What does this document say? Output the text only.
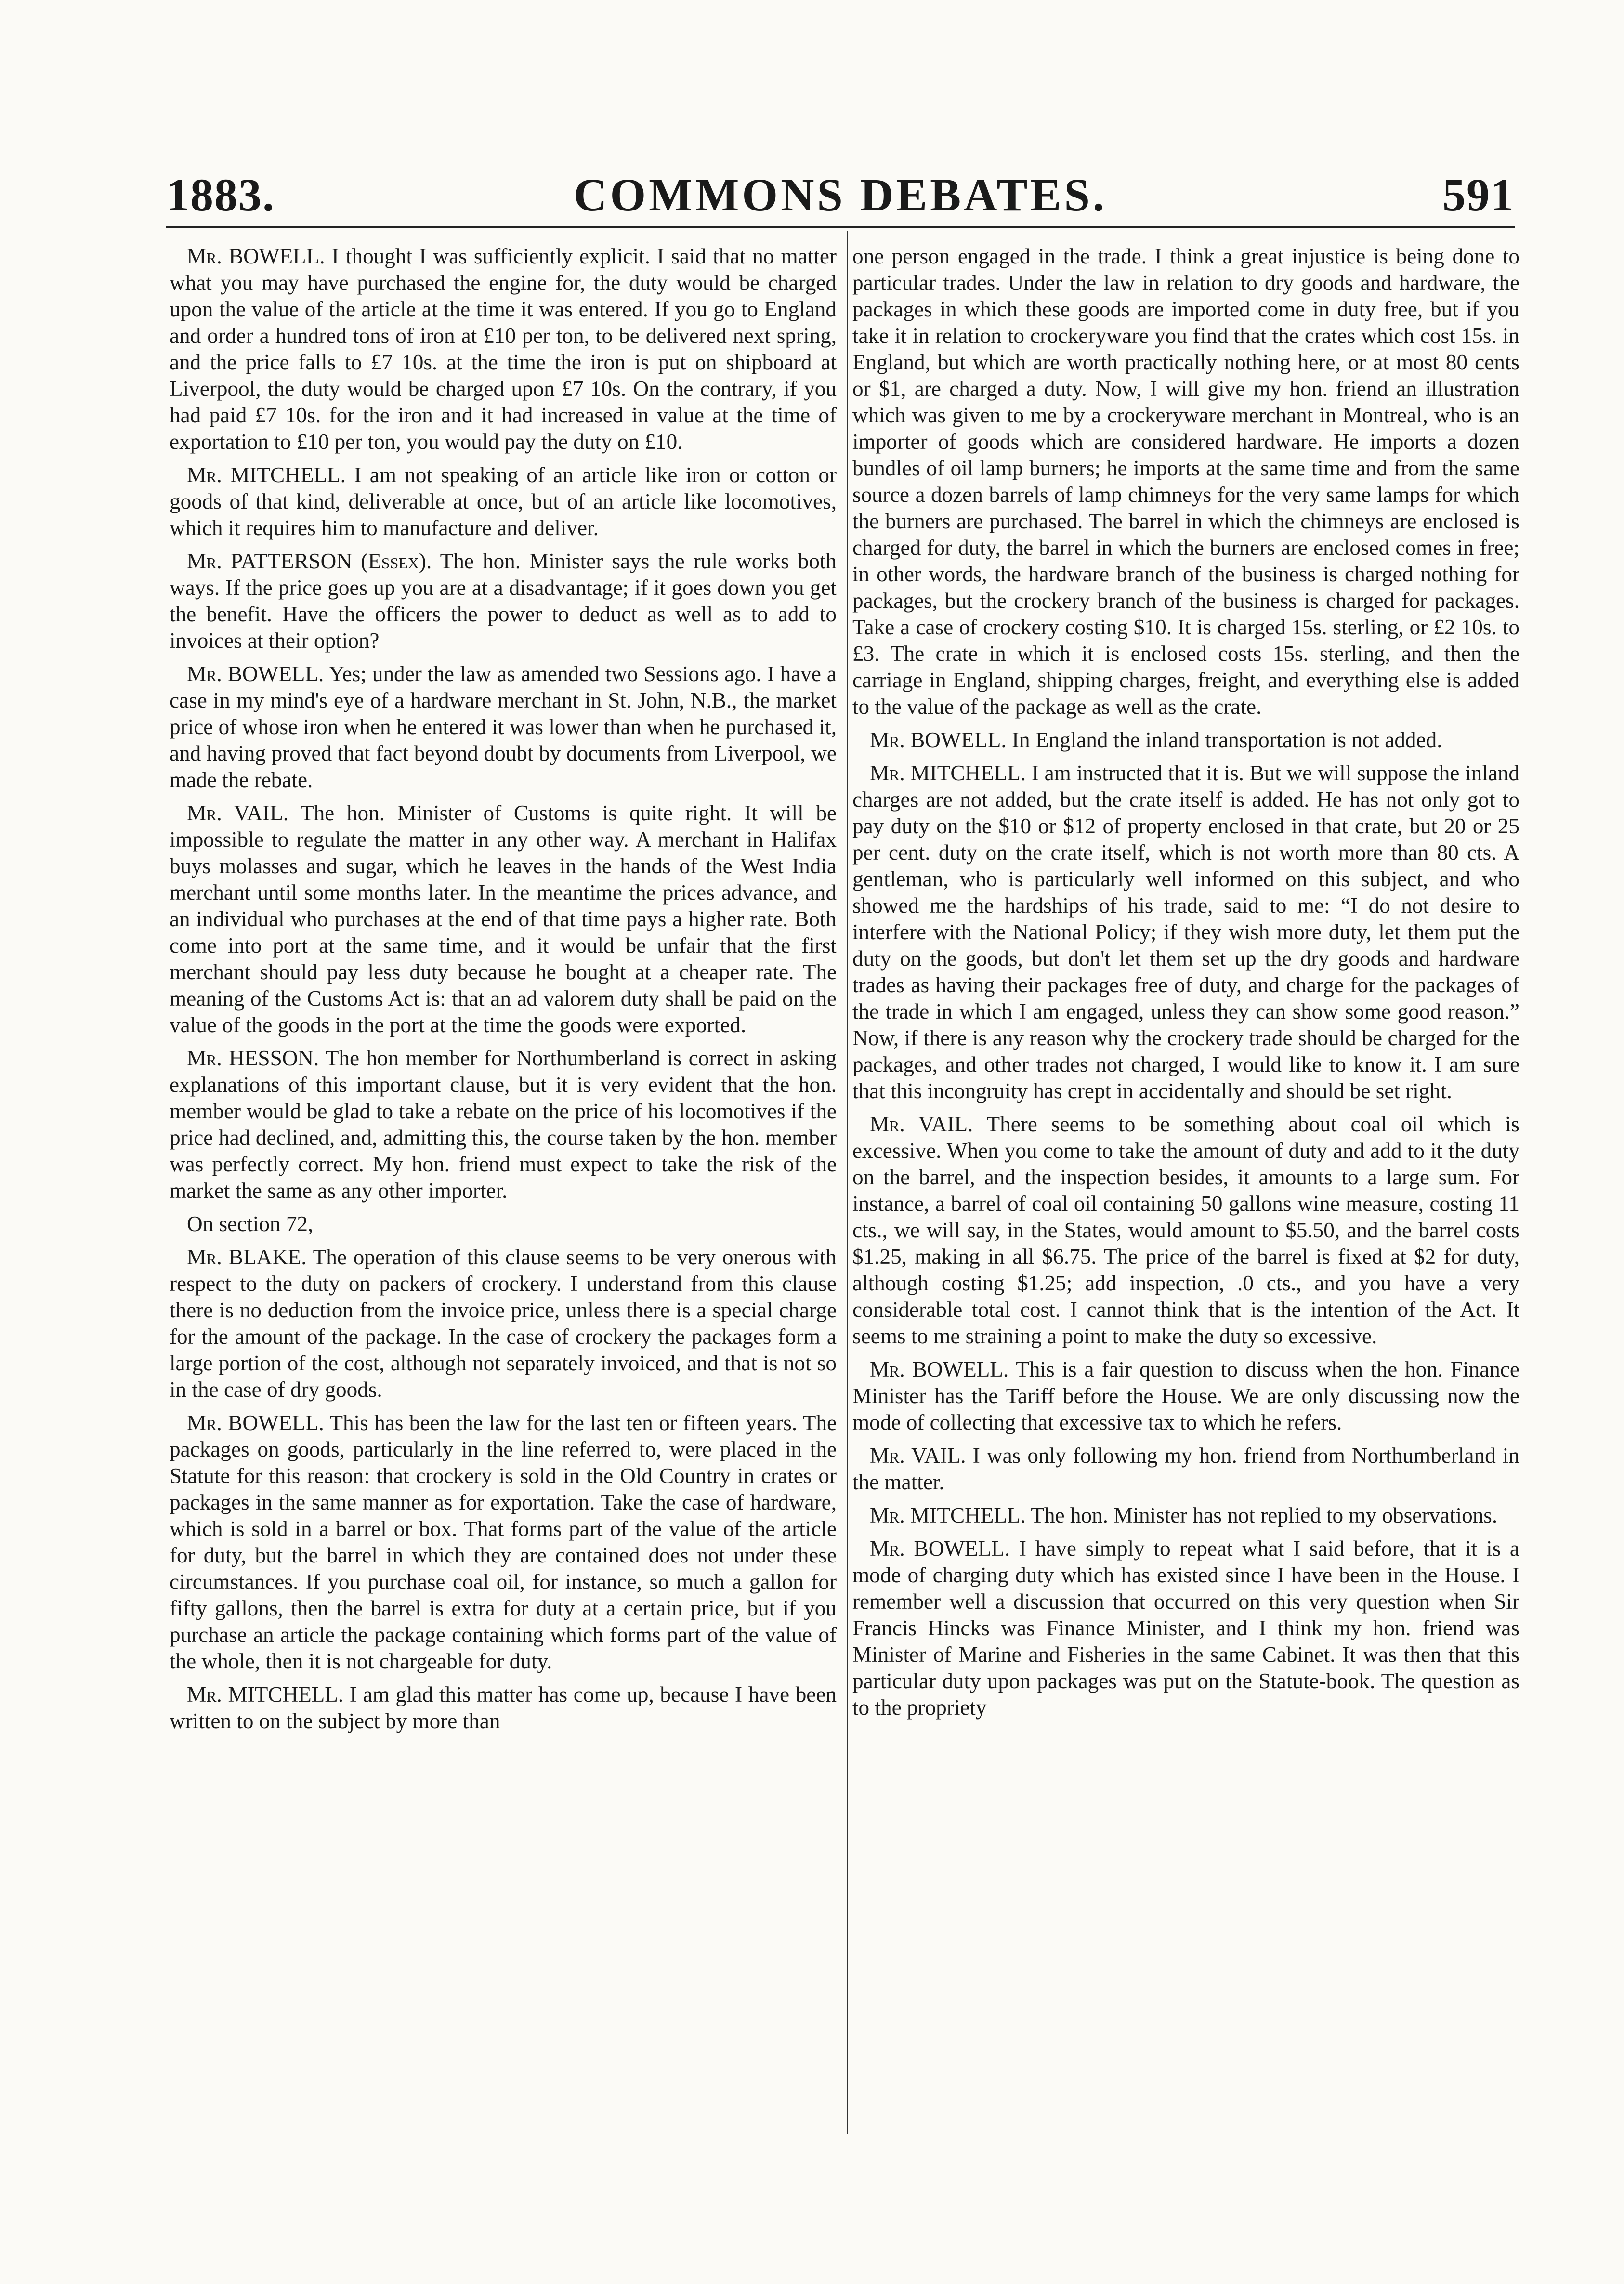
1883.	COMMONS DEBATES.	591

Mr. BOWELL. I thought I was sufficiently explicit. I said that no matter what you may have purchased the engine for, the duty would be charged upon the value of the article at the time it was entered. If you go to England and order a hundred tons of iron at £10 per ton, to be delivered next spring, and the price falls to £7 10s. at the time the iron is put on shipboard at Liverpool, the duty would be charged upon £7 10s. On the contrary, if you had paid £7 10s. for the iron and it had increased in value at the time of exportation to £10 per ton, you would pay the duty on £10.

Mr. MITCHELL. I am not speaking of an article like iron or cotton or goods of that kind, deliverable at once, but of an article like locomotives, which it requires him to manufacture and deliver.

Mr. PATTERSON (Essex). The hon. Minister says the rule works both ways. If the price goes up you are at a disadvantage; if it goes down you get the benefit. Have the officers the power to deduct as well as to add to invoices at their option?

Mr. BOWELL. Yes; under the law as amended two Sessions ago. I have a case in my mind's eye of a hardware merchant in St. John, N.B., the market price of whose iron when he entered it was lower than when he purchased it, and having proved that fact beyond doubt by documents from Liverpool, we made the rebate.

Mr. VAIL. The hon. Minister of Customs is quite right. It will be impossible to regulate the matter in any other way. A merchant in Halifax buys molasses and sugar, which he leaves in the hands of the West India merchant until some months later. In the meantime the prices advance, and an individual who purchases at the end of that time pays a higher rate. Both come into port at the same time, and it would be unfair that the first merchant should pay less duty because he bought at a cheaper rate. The meaning of the Customs Act is: that an ad valorem duty shall be paid on the value of the goods in the port at the time the goods were exported.

Mr. HESSON. The hon member for Northumberland is correct in asking explanations of this important clause, but it is very evident that the hon. member would be glad to take a rebate on the price of his locomotives if the price had declined, and, admitting this, the course taken by the hon. member was perfectly correct. My hon. friend must expect to take the risk of the market the same as any other importer.

On section 72,

Mr. BLAKE. The operation of this clause seems to be very onerous with respect to the duty on packers of crockery. I understand from this clause there is no deduction from the invoice price, unless there is a special charge for the amount of the package. In the case of crockery the packages form a large portion of the cost, although not separately invoiced, and that is not so in the case of dry goods.

Mr. BOWELL. This has been the law for the last ten or fifteen years. The packages on goods, particularly in the line referred to, were placed in the Statute for this reason: that crockery is sold in the Old Country in crates or packages in the same manner as for exportation. Take the case of hardware, which is sold in a barrel or box. That forms part of the value of the article for duty, but the barrel in which they are contained does not under these circumstances. If you purchase coal oil, for instance, so much a gallon for fifty gallons, then the barrel is extra for duty at a certain price, but if you purchase an article the package containing which forms part of the value of the whole, then it is not chargeable for duty.

Mr. MITCHELL. I am glad this matter has come up, because I have been written to on the subject by more than

one person engaged in the trade. I think a great injustice is being done to particular trades. Under the law in relation to dry goods and hardware, the packages in which these goods are imported come in duty free, but if you take it in relation to crockeryware you find that the crates which cost 15s. in England, but which are worth practically nothing here, or at most 80 cents or $1, are charged a duty. Now, I will give my hon. friend an illustration which was given to me by a crockeryware merchant in Montreal, who is an importer of goods which are considered hardware. He imports a dozen bundles of oil lamp burners; he imports at the same time and from the same source a dozen barrels of lamp chimneys for the very same lamps for which the burners are purchased. The barrel in which the chimneys are enclosed is charged for duty, the barrel in which the burners are enclosed comes in free; in other words, the hardware branch of the business is charged nothing for packages, but the crockery branch of the business is charged for packages. Take a case of crockery costing $10. It is charged 15s. sterling, or £2 10s. to £3. The crate in which it is enclosed costs 15s. sterling, and then the carriage in England, shipping charges, freight, and everything else is added to the value of the package as well as the crate.

Mr. BOWELL. In England the inland transportation is not added.

Mr. MITCHELL. I am instructed that it is. But we will suppose the inland charges are not added, but the crate itself is added. He has not only got to pay duty on the $10 or $12 of property enclosed in that crate, but 20 or 25 per cent. duty on the crate itself, which is not worth more than 80 cts. A gentleman, who is particularly well informed on this subject, and who showed me the hardships of his trade, said to me: “I do not desire to interfere with the National Policy; if they wish more duty, let them put the duty on the goods, but don't let them set up the dry goods and hardware trades as having their packages free of duty, and charge for the packages of the trade in which I am engaged, unless they can show some good reason.” Now, if there is any reason why the crockery trade should be charged for the packages, and other trades not charged, I would like to know it. I am sure that this incongruity has crept in accidentally and should be set right.

Mr. VAIL. There seems to be something about coal oil which is excessive. When you come to take the amount of duty and add to it the duty on the barrel, and the inspection besides, it amounts to a large sum. For instance, a barrel of coal oil containing 50 gallons wine measure, costing 11 cts., we will say, in the States, would amount to $5.50, and the barrel costs $1.25, making in all $6.75. The price of the barrel is fixed at $2 for duty, although costing $1.25; add inspection, .0 cts., and you have a very considerable total cost. I cannot think that is the intention of the Act. It seems to me straining a point to make the duty so excessive.

Mr. BOWELL. This is a fair question to discuss when the hon. Finance Minister has the Tariff before the House. We are only discussing now the mode of collecting that excessive tax to which he refers.

Mr. VAIL. I was only following my hon. friend from Northumberland in the matter.

Mr. MITCHELL. The hon. Minister has not replied to my observations.

Mr. BOWELL. I have simply to repeat what I said before, that it is a mode of charging duty which has existed since I have been in the House. I remember well a discussion that occurred on this very question when Sir Francis Hincks was Finance Minister, and I think my hon. friend was Minister of Marine and Fisheries in the same Cabinet. It was then that this particular duty upon packages was put on the Statute-book. The question as to the propriety
